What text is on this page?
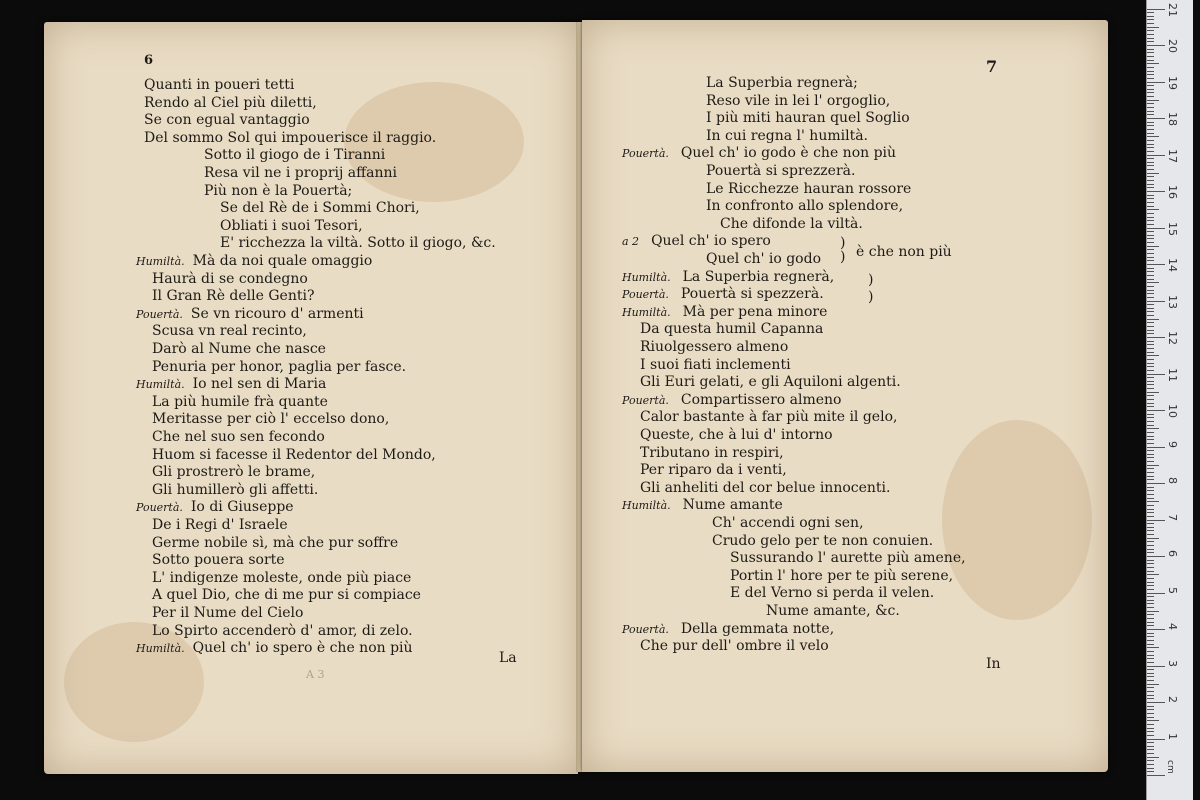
6
Quanti in poueri tetti
Rendo al Ciel più diletti,
Se con egual vantaggio
Del sommo Sol qui impouerisce il raggio.
Sotto il giogo de i Tiranni
Resa vil ne i proprij affanni
Più non è la Pouertà;
Se del Rè de i Sommi Chori,
Obliati i suoi Tesori,
E' ricchezza la viltà. Sotto il giogo, &c.
Humiltà. Mà da noi quale omaggio
Haurà di se condegno
Il Gran Rè delle Genti?
Pouertà. Se vn ricouro d' armenti
Scusa vn real recinto,
Darò al Nume che nasce
Penuria per honor, paglia per fasce.
Humiltà. Io nel sen di Maria
La più humile frà quante
Meritasse per ciò l' eccelso dono,
Che nel suo sen fecondo
Huom si facesse il Redentor del Mondo,
Gli prostrerò le brame,
Gli humillerò gli affetti.
Pouertà. Io di Giuseppe
De i Regi d' Israele
Germe nobile sì, mà che pur soffre
Sotto pouera sorte
L' indigenze moleste, onde più piace
A quel Dio, che di me pur si compiace
Per il Nume del Cielo
Lo Spirto accenderò d' amor, di zelo.
Humiltà. Quel ch' io spero è che non più
La
A 3
7
La Superbia regnerà;
Reso vile in lei l' orgoglio,
I più miti hauran quel Soglio
In cui regna l' humiltà.
Pouertà. Quel ch' io godo è che non più
Pouertà si sprezzerà.
Le Ricchezze hauran rossore
In confronto allo splendore,
Che difonde la viltà.
a 2 Quel ch' io spero
Quel ch' io godo
Humiltà. La Superbia regnerà,
Pouertà. Pouertà si spezzerà.
Humiltà. Mà per pena minore
Da questa humil Capanna
Riuolgessero almeno
I suoi fiati inclementi
Gli Euri gelati, e gli Aquiloni algenti.
Pouertà. Compartissero almeno
Calor bastante à far più mite il gelo,
Queste, che à lui d' intorno
Tributano in respiri,
Per riparo da i venti,
Gli anheliti del cor belue innocenti.
Humiltà. Nume amante
Ch' accendi ogni sen,
Crudo gelo per te non conuien.
Sussurando l' aurette più amene,
Portin l' hore per te più serene,
E del Verno si perda il velen.
Nume amante, &c.
Pouertà. Della gemmata notte,
Che pur dell' ombre il velo
)
) è che non più
)
)
In
cm
1
2
3
4
5
6
7
8
9
10
11
12
13
14
15
16
17
18
19
20
21
